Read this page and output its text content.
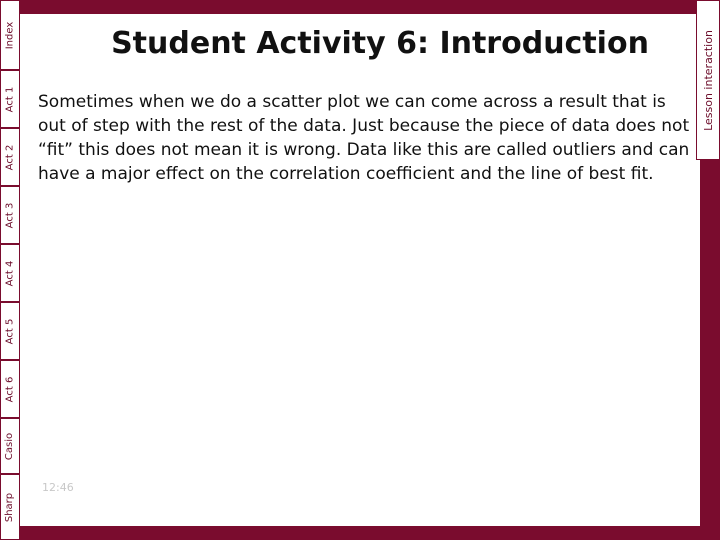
Index
Act 1
Act 2
Act 3
Act 4
Act 5
Act 6
Casio
Sharp
Lesson interaction
Student Activity 6: Introduction

Sometimes when we do a scatter plot we can come across a result that is out of step with the rest of the data. Just because the piece of data does not “fit” this does not mean it is wrong. Data like this are called outliers and can have a major effect on the correlation coefficient and the line of best fit.

12:46
